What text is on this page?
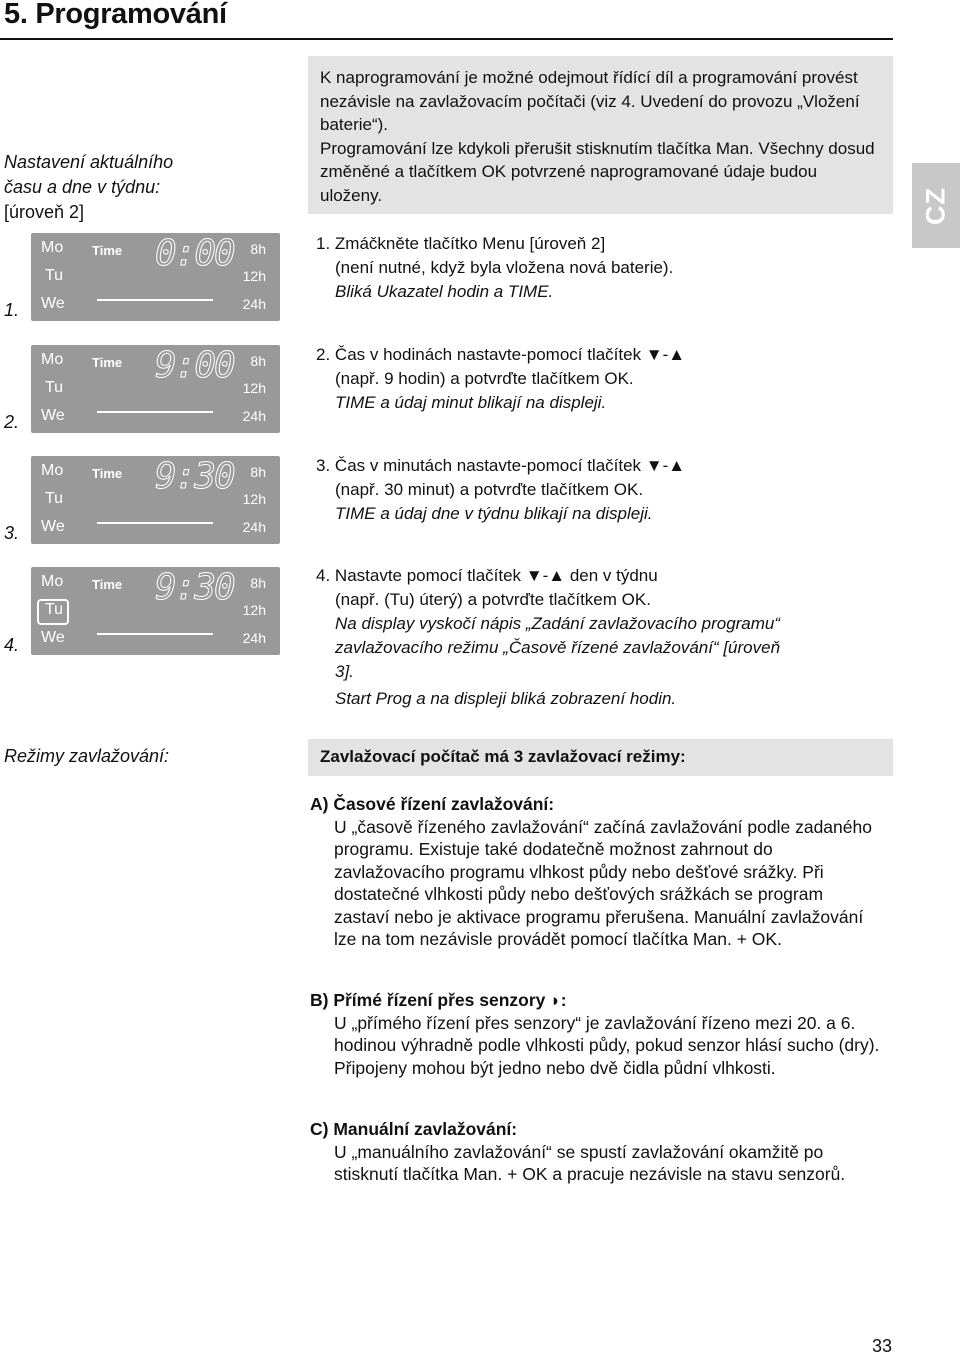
5. Programování
CZ
Nastavení aktuálního
času a dne v týdnu:
[úroveň 2]

K naprogramování je možné odejmout řídící díl a programování provést nezávisle na zavlažovacím počítači (viz 4. Uvedení do provozu „Vložení baterie“).

Programování lze kdykoli přerušit stisknutím tlačítka Man. Všechny dosud změněné a tlačítkem OK potvrzené naprogramované údaje budou uloženy.

Mo
Tu
We
Time 0:00 8h
12h
24h
1.
Mo
Tu
We
Time 9:00 8h
12h
24h
2.
Mo
Tu
We
Time 9:30 8h
12h
24h
3.
Mo
Tu
We
Time 9:30 8h
12h
24h
4.
1. Zmáčkněte tlačítko Menu [úroveň 2]
(není nutné, když byla vložena nová baterie).
Bliká Ukazatel hodin a TIME.
2. Čas v hodinách nastavte-pomocí tlačítek ▼-▲
(např. 9 hodin) a potvrďte tlačítkem OK.
TIME a údaj minut blikají na displeji.
3. Čas v minutách nastavte-pomocí tlačítek ▼-▲
(např. 30 minut) a potvrďte tlačítkem OK.
TIME a údaj dne v týdnu blikají na displeji.
4. Nastavte pomocí tlačítek ▼-▲ den v týdnu
(např. (Tu) úterý) a potvrďte tlačítkem OK.
Na display vyskočí nápis „Zadání zavlažovacího programu“ zavlažovacího režimu „Časově řízené zavlažování“ [úroveň 3].
Start Prog a na displeji bliká zobrazení hodin.
Režimy zavlažování:	Zavlažovací počítač má 3 zavlažovací režimy:
A) Časové řízení zavlažování:
U „časově řízeného zavlažování“ začíná zavlažování podle zadaného programu. Existuje také dodatečně možnost zahrnout do zavlažovacího programu vlhkost půdy nebo dešťové srážky. Při dostatečné vlhkosti půdy nebo dešťových srážkách se program zastaví nebo je aktivace programu přerušena. Manuální zavlažování lze na tom nezávisle provádět pomocí tlačítka Man. + OK.
B) Přímé řízení přes senzory ◗:
U „přímého řízení přes senzory“ je zavlažování řízeno mezi 20. a 6. hodinou výhradně podle vlhkosti půdy, pokud senzor hlásí sucho (dry). Připojeny mohou být jedno nebo dvě čidla půdní vlhkosti.
C) Manuální zavlažování:
U „manuálního zavlažování“ se spustí zavlažování okamžitě po stisknutí tlačítka Man. + OK a pracuje nezávisle na stavu senzorů.
33
